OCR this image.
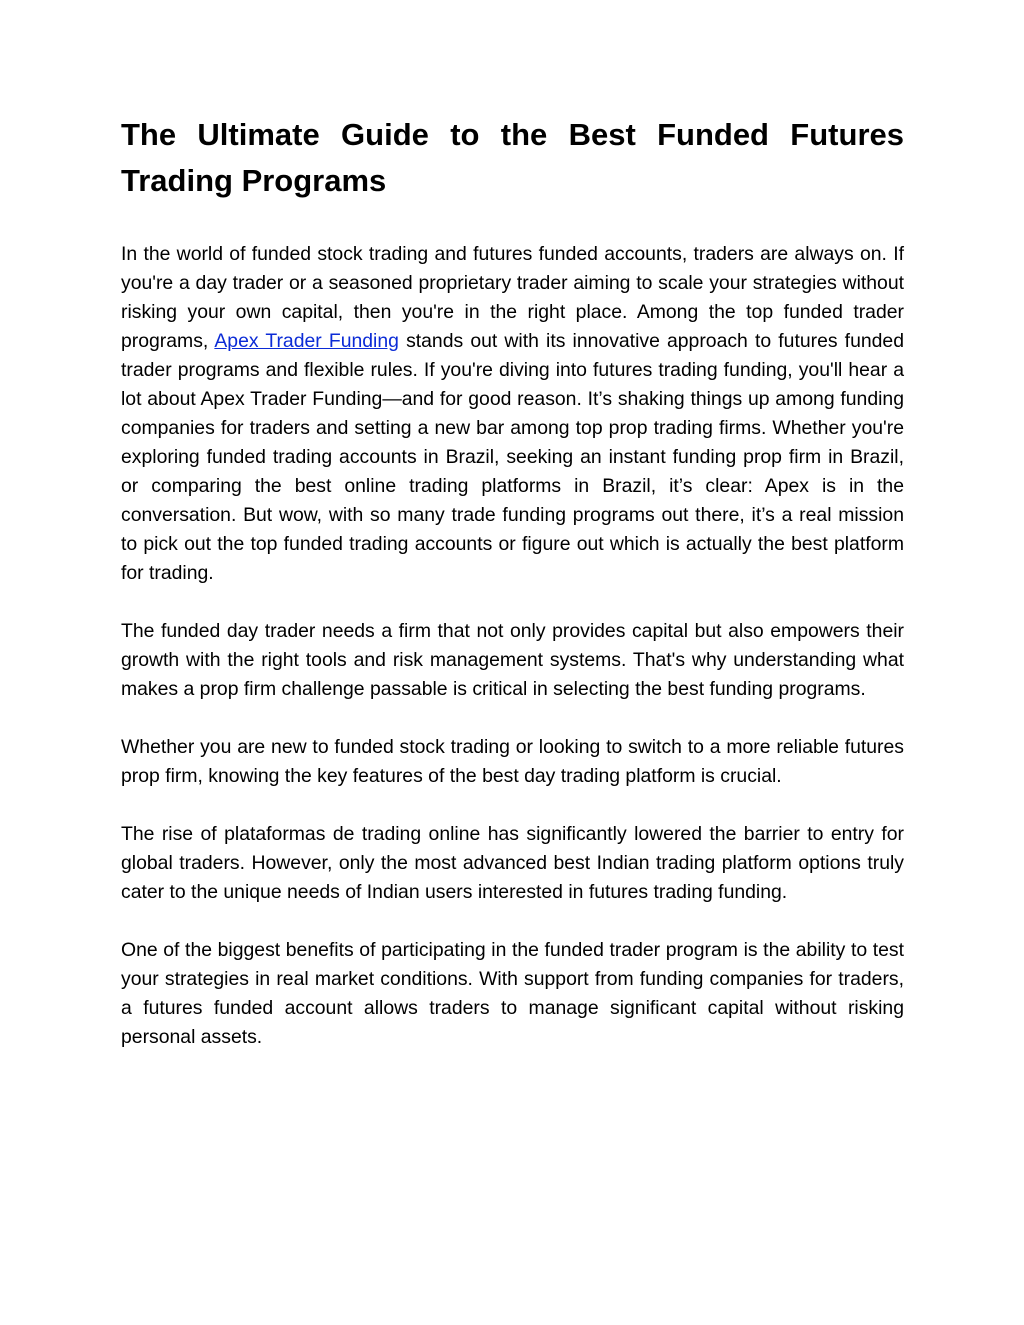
The Ultimate Guide to the Best Funded Futures Trading Programs

In the world of funded stock trading and futures funded accounts, traders are always on. If you're a day trader or a seasoned proprietary trader aiming to scale your strategies without risking your own capital, then you're in the right place. Among the top funded trader programs, Apex Trader Funding stands out with its innovative approach to futures funded trader programs and flexible rules. If you're diving into futures trading funding, you'll hear a lot about Apex Trader Funding—and for good reason. It’s shaking things up among funding companies for traders and setting a new bar among top prop trading firms. Whether you're exploring funded trading accounts in Brazil, seeking an instant funding prop firm in Brazil, or comparing the best online trading platforms in Brazil, it’s clear: Apex is in the conversation. But wow, with so many trade funding programs out there, it’s a real mission to pick out the top funded trading accounts or figure out which is actually the best platform for trading.

The funded day trader needs a firm that not only provides capital but also empowers their growth with the right tools and risk management systems. That's why understanding what makes a prop firm challenge passable is critical in selecting the best funding programs.

Whether you are new to funded stock trading or looking to switch to a more reliable futures prop firm, knowing the key features of the best day trading platform is crucial.

The rise of plataformas de trading online has significantly lowered the barrier to entry for global traders. However, only the most advanced best Indian trading platform options truly cater to the unique needs of Indian users interested in futures trading funding.

One of the biggest benefits of participating in the funded trader program is the ability to test your strategies in real market conditions. With support from funding companies for traders, a futures funded account allows traders to manage significant capital without risking personal assets.
